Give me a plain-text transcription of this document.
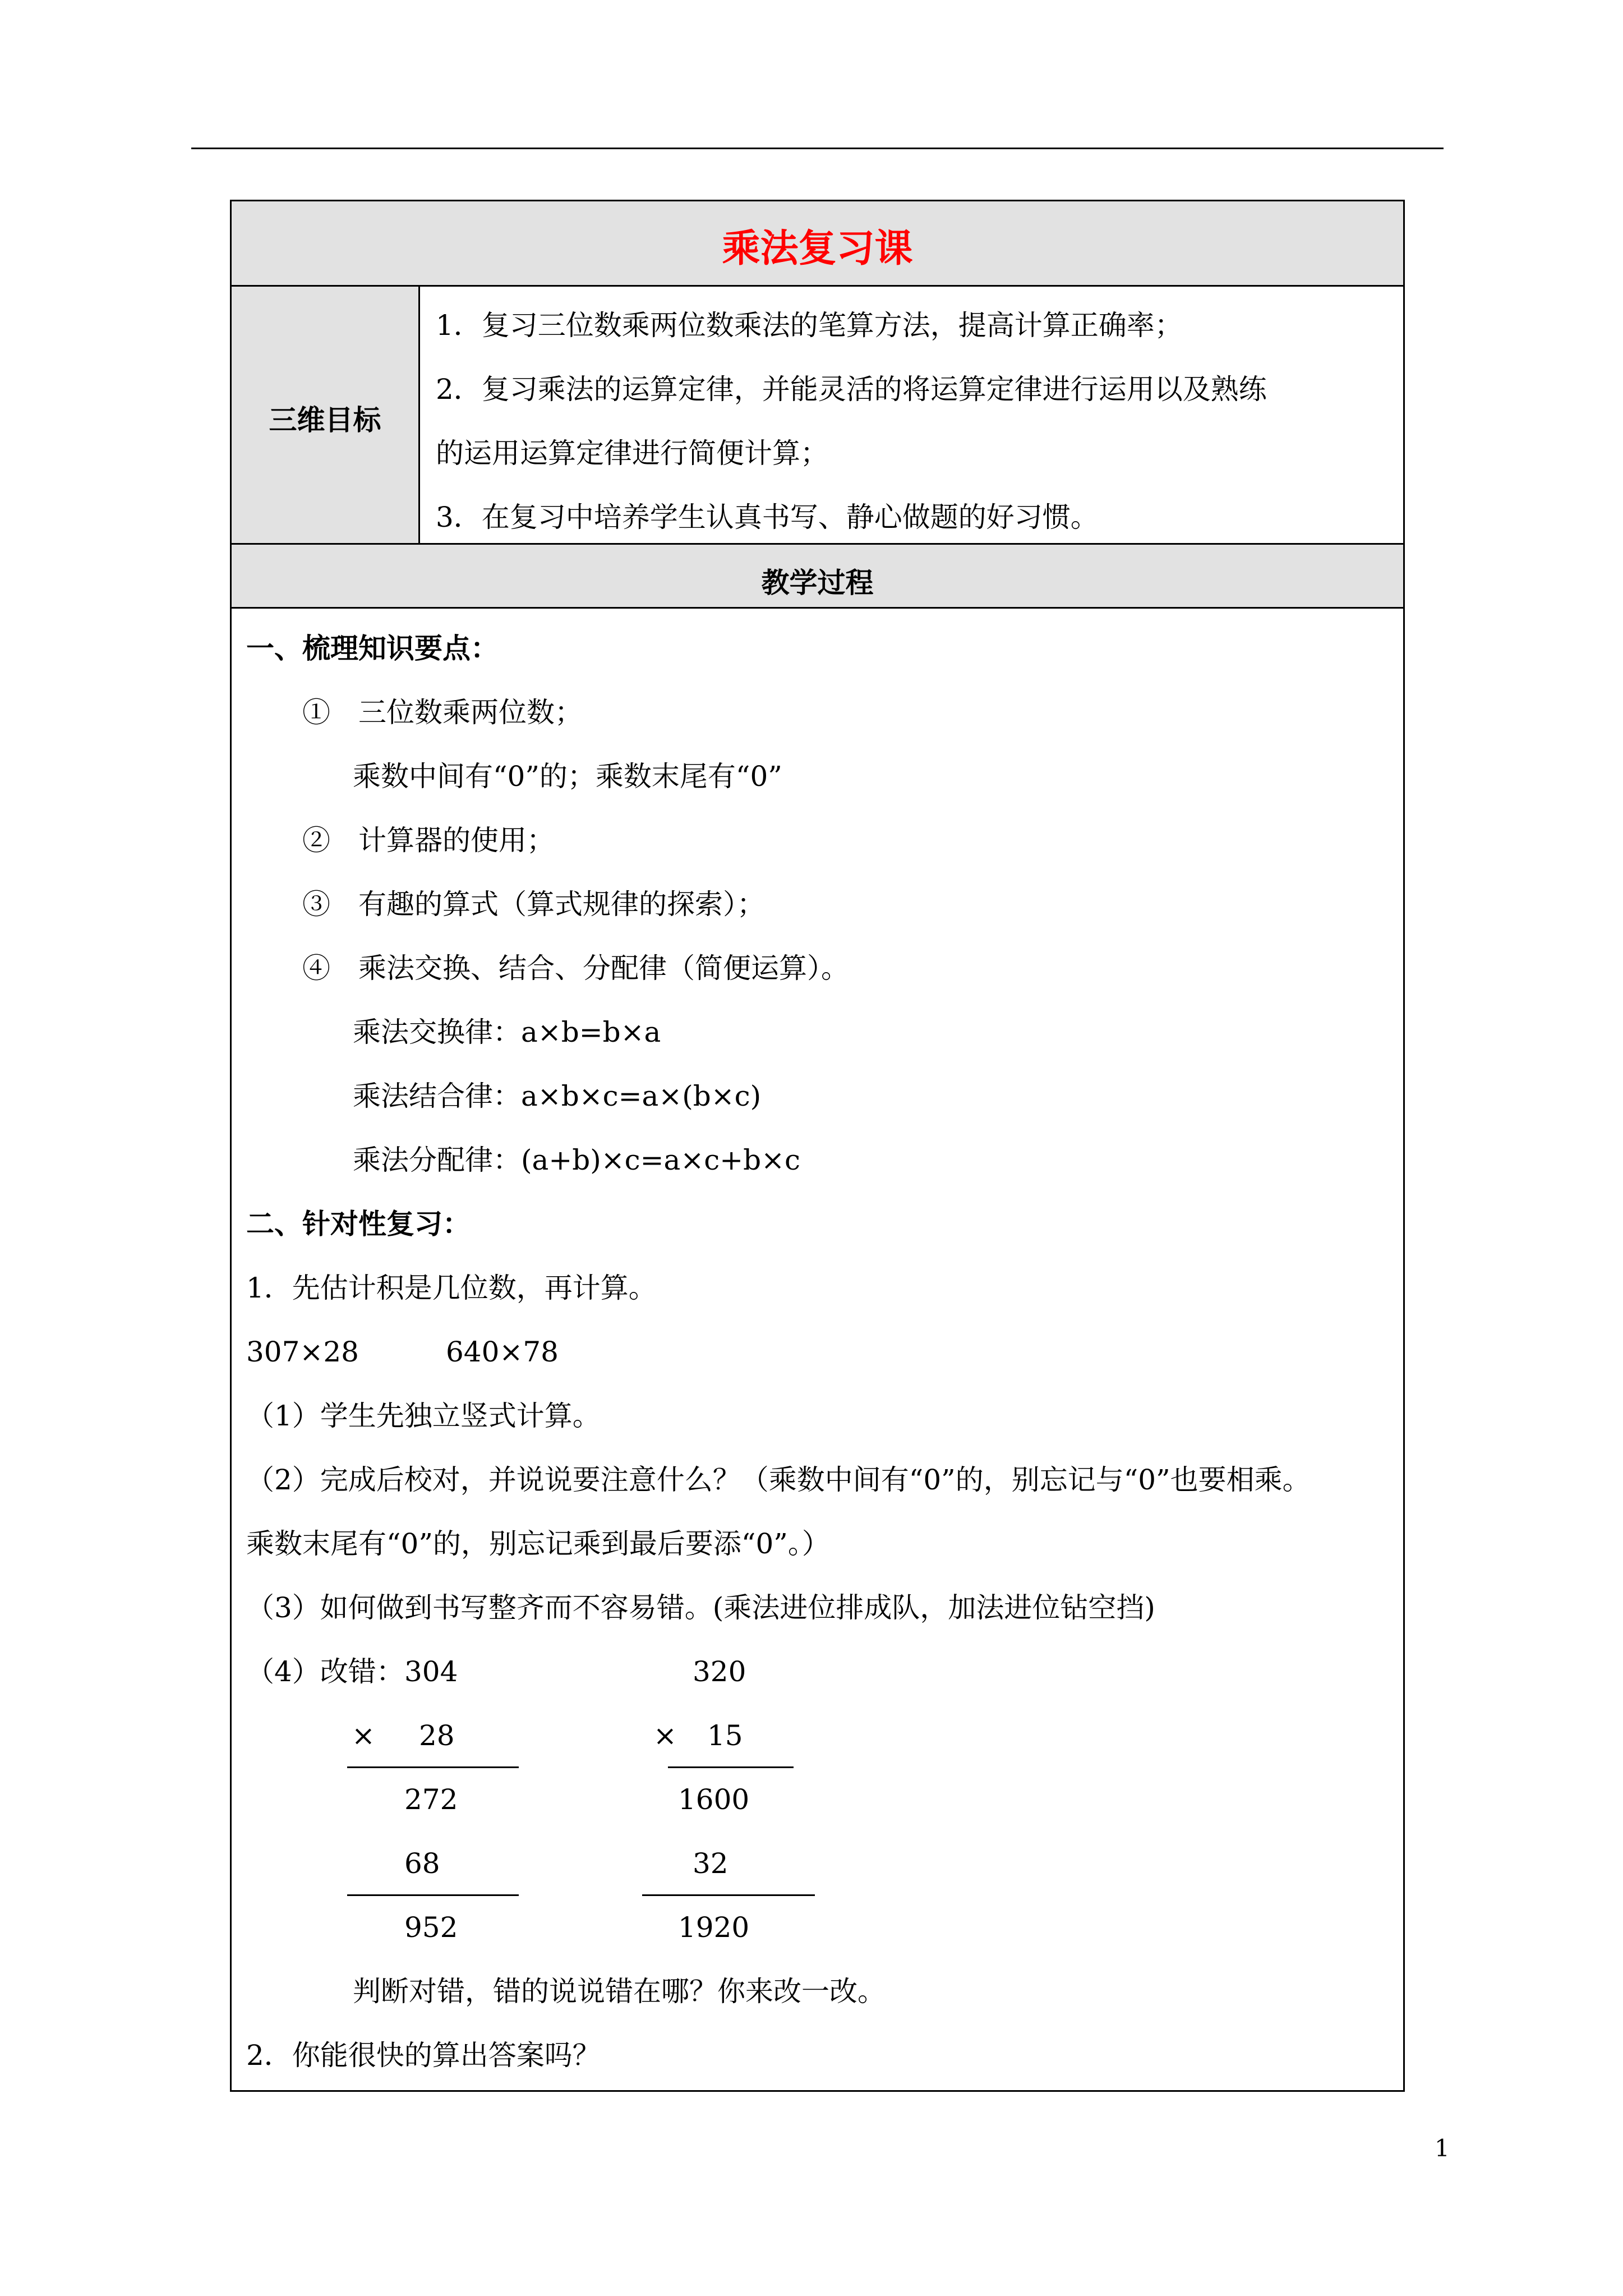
乘法复习课
三维目标
1．复习三位数乘两位数乘法的笔算方法，提高计算正确率；
2．复习乘法的运算定律，并能灵活的将运算定律进行运用以及熟练
的运用运算定律进行简便计算；
3．在复习中培养学生认真书写、静心做题的好习惯。
教学过程
一、梳理知识要点：
①　三位数乘两位数；
乘数中间有“0”的；乘数末尾有“0”
②　计算器的使用；
③　有趣的算式（算式规律的探索）；
④　乘法交换、结合、分配律（简便运算）。
乘法交换律：a×b=b×a
乘法结合律：a×b×c=a×(b×c)
乘法分配律：(a+b)×c=a×c+b×c
二、针对性复习：
1．先估计积是几位数，再计算。
307×28	640×78
（1）学生先独立竖式计算。
（2）完成后校对，并说说要注意什么？（乘数中间有“0”的，别忘记与“0”也要相乘。
乘数末尾有“0”的，别忘记乘到最后要添“0”。）
（3）如何做到书写整齐而不容易错。(乘法进位排成队，加法进位钻空挡)
（4）改错： 304
× 28
272
68
952
320
× 15
1600
32
1920
判断对错，错的说说错在哪？你来改一改。
2．你能很快的算出答案吗？
1
